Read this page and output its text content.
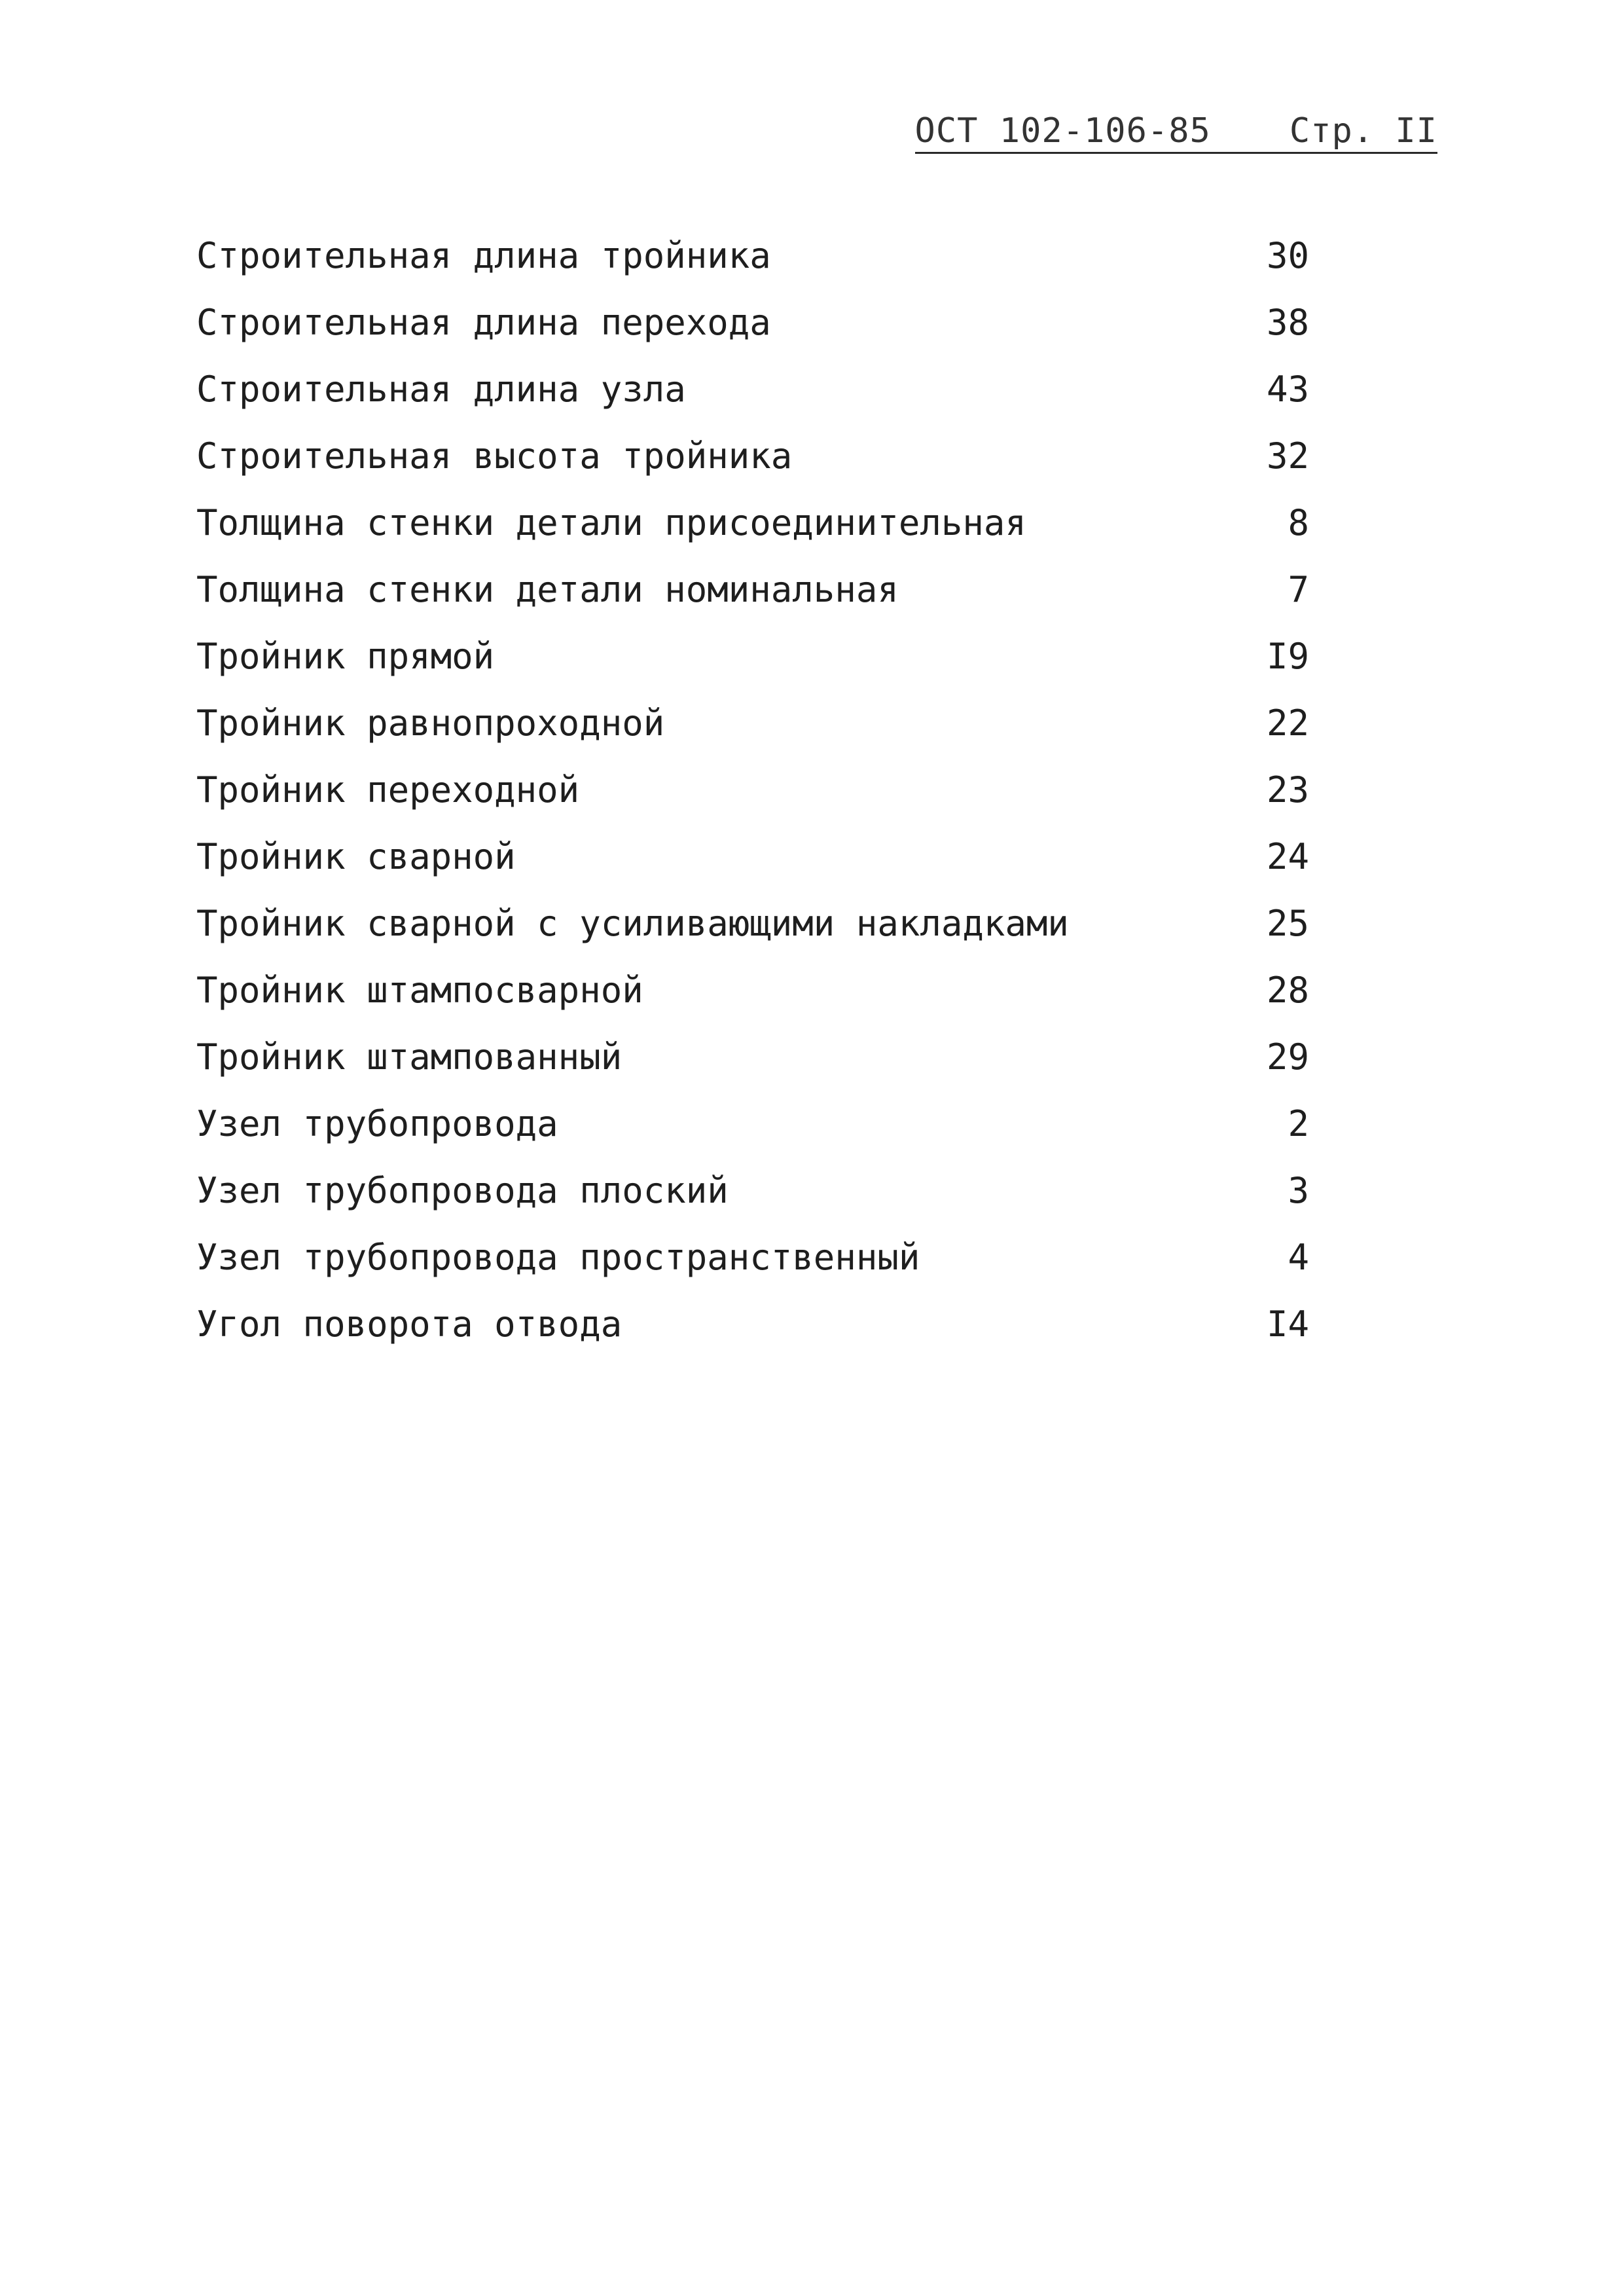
ОСТ 102-106-85 Стр. II
Строительная длина тройника	30
Строительная длина перехода	38
Строительная длина узла	43
Строительная высота тройника	32
Толщина стенки детали присоединительная	8
Толщина стенки детали номинальная	7
Тройник прямой	I9
Тройник равнопроходной	22
Тройник переходной	23
Тройник сварной	24
Тройник сварной с усиливающими накладками	25
Тройник штампосварной	28
Тройник штампованный	29
Узел трубопровода	2
Узел трубопровода плоский	3
Узел трубопровода пространственный	4
Угол поворота отвода	I4
